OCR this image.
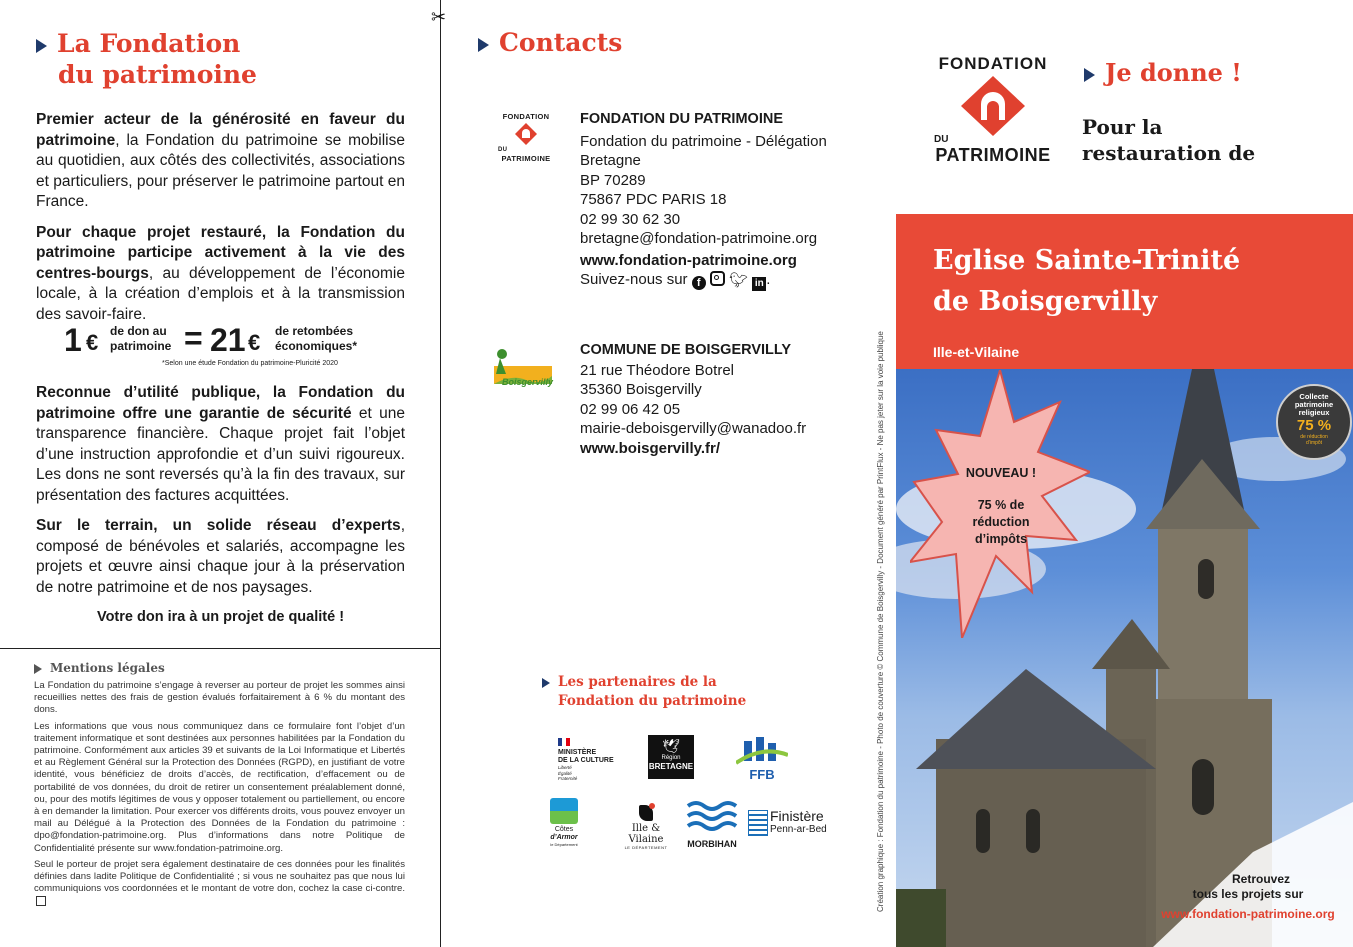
La Fondation
du patrimoine

Premier acteur de la générosité en faveur du patrimoine, la Fondation du patrimoine se mobilise au quotidien, aux côtés des collectivités, associations et particuliers, pour préserver le patrimoine partout en France.

Pour chaque projet restauré, la Fondation du patrimoine participe activement à la vie des centres-bourgs, au développement de l’économie locale, à la création d’emplois et à la transmission des savoir-faire.

1 € de don au
patrimoine = 21 € de retombées
économiques*
*Selon une étude Fondation du patrimoine-Pluricité 2020

Reconnue d’utilité publique, la Fondation du patrimoine offre une garantie de sécurité et une transparence financière. Chaque projet fait l’objet d’une instruction approfondie et d’un suivi rigoureux. Les dons ne sont reversés qu’à la fin des travaux, sur présentation des factures acquittées.

Sur le terrain, un solide réseau d’experts, composé de bénévoles et salariés, accompagne les projets et œuvre ainsi chaque jour à la préservation de notre patrimoine et de nos paysages.

Votre don ira à un projet de qualité !

✂
Mentions légales

La Fondation du patrimoine s’engage à reverser au porteur de projet les sommes ainsi recueillies nettes des frais de gestion évalués forfaitairement à 6 % du montant des dons.

Les informations que vous nous communiquez dans ce formulaire font l’objet d’un traitement informatique et sont destinées aux personnes habilitées par la Fondation du patrimoine. Conformément aux articles 39 et suivants de la Loi Informatique et Libertés et au Règlement Général sur la Protection des Données (RGPD), en justifiant de votre identité, vous bénéficiez de droits d’accès, de rectification, d’effacement ou de portabilité de vos données, du droit de retirer un consentement préalablement donné, ou, pour des motifs légitimes de vous y opposer totalement ou partiellement, ou encore à en demander la limitation. Pour exercer vos différents droits, vous pouvez envoyer un mail au Délégué à la Protection des Données de la Fondation du patrimoine : dpo@fondation-patrimoine.org. Plus d’informations dans notre Politique de Confidentialité présente sur www.fondation-patrimoine.org.

Seul le porteur de projet sera également destinataire de ces données pour les finalités définies dans ladite Politique de Confidentialité ; si vous ne souhaitez pas que nous lui communiquions vos coordonnées et le montant de votre don, cochez la case ci-contre.

Contacts
FONDATION
DU
PATRIMOINE
FONDATION DU PATRIMOINE
Fondation du patrimoine - Délégation
Bretagne
BP 70289
75867 PDC PARIS 18
02 99 30 62 30
bretagne@fondation-patrimoine.org
www.fondation-patrimoine.org
Suivez-nous sur f 🐦︎ in .
Boisgervilly
COMMUNE DE BOISGERVILLY
21 rue Théodore Botrel
35360 Boisgervilly
02 99 06 42 05
mairie-deboisgervilly@wanadoo.fr
www.boisgervilly.fr/
Les partenaires de la
Fondation du patrimoine
MINISTÈRE
DE LA CULTURE
Liberté
Égalité
Fraternité
🕊︎
Région
BRETAGNE
FFB
Côtes
d’Armor
le Département
Ille & Vilaine
LE DÉPARTEMENT	MORBIHAN
Finistère
Penn-ar-Bed	Création graphique : Fondation du patrimoine - Photo de couverture © Commune de Boisgervilly - Document généré par PrintFlux - Ne pas jeter sur la voie publique
FONDATION
DU
PATRIMOINE
Je donne !
Pour la
restauration de
Eglise Sainte-Trinité
de Boisgervilly
Ille-et-Vilaine
Collecte
patrimoine
religieux
75 %
de réduction
d’impôt
NOUVEAU !
75 % de
réduction
d’impôts
Retrouvez
tous les projets sur
www.fondation-patrimoine.org
